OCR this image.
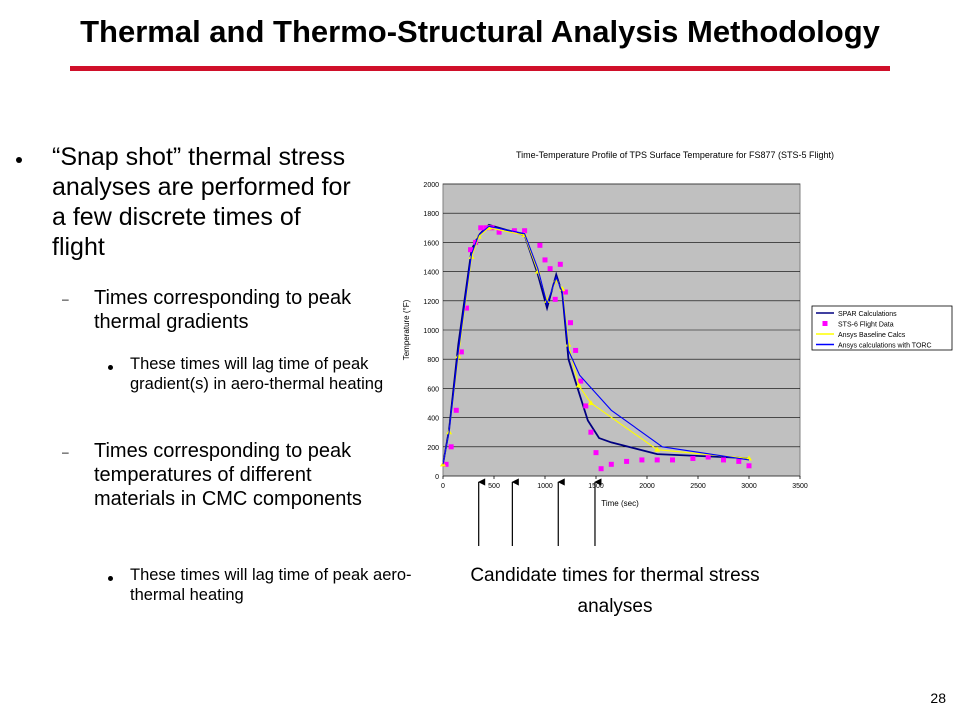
Thermal and Thermo-Structural Analysis Methodology
“Snap shot” thermal stress analyses are performed for a few discrete times of flight
– Times corresponding to peak thermal gradients
These times will lag time of peak gradient(s) in aero-thermal heating
– Times corresponding to peak temperatures of different materials in CMC components
These times will lag time of peak aero-thermal heating
Time-Temperature Profile of TPS Surface Temperature for FS877 (STS-5 Flight)
Time (sec)
Temperature (°F)
0
200
400
600
800
1000
1200
1400
1600
1800
2000
0	500	1000	1500	2000	2500	3000	3500
SPAR Calculations
STS-6 Flight Data
Ansys Baseline Calcs
Ansys calculations with TORC
Candidate times for thermal stress analyses
28
